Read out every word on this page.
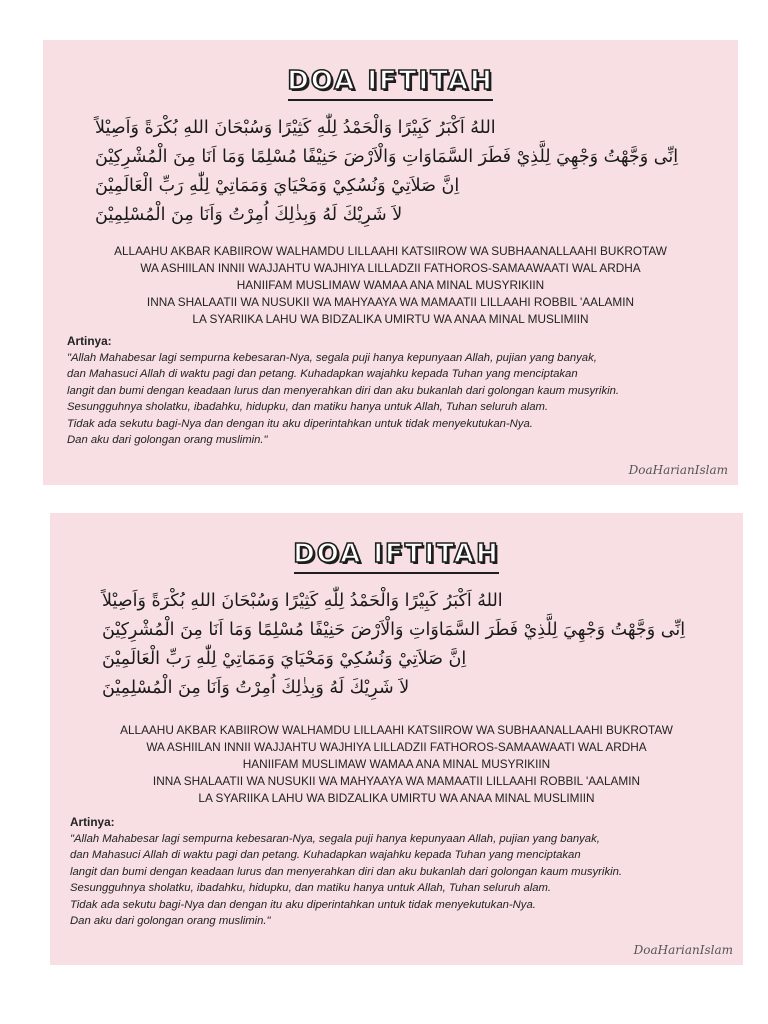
DOA IFTITAH
اللهُ اَكْبَرُ كَبِيْرًا وَالْحَمْدُ لِلّٰهِ كَثِيْرًا وَسُبْحَانَ اللهِ بُكْرَةً وَاَصِيْلاً
اِنِّى وَجَّهْتُ وَجْهِيَ لِلَّذِيْ فَطَرَ السَّمَاوَاتِ وَالْاَرْضَ حَنِيْفًا مُسْلِمًا وَمَا اَنَا مِنَ الْمُشْرِكِيْنَ
اِنَّ صَلاَتِيْ وَنُسُكِيْ وَمَحْيَايَ وَمَمَاتِيْ لِلّٰهِ رَبِّ الْعَالَمِيْنَ
لاَ شَرِيْكَ لَهُ وَبِذٰلِكَ اُمِرْتُ وَاَنَا مِنَ الْمُسْلِمِيْنَ
ALLAAHU AKBAR KABIIROW WALHAMDU LILLAAHI KATSIIROW WA SUBHAANALLAAHI BUKROTAW
WA ASHIILAN INNII WAJJAHTU WAJHIYA LILLADZII FATHOROS-SAMAAWAATI WAL ARDHA
HANIIFAM MUSLIMAW WAMAA ANA MINAL MUSYRIKIIN
INNA SHALAATII WA NUSUKII WA MAHYAAYA WA MAMAATII LILLAAHI ROBBIL 'AALAMIN
LA SYARIIKA LAHU WA BIDZALIKA UMIRTU WA ANAA MINAL MUSLIMIIN
Artinya:
"Allah Mahabesar lagi sempurna kebesaran-Nya, segala puji hanya kepunyaan Allah, pujian yang banyak,
dan Mahasuci Allah di waktu pagi dan petang. Kuhadapkan wajahku kepada Tuhan yang menciptakan
langit dan bumi dengan keadaan lurus dan menyerahkan diri dan aku bukanlah dari golongan kaum musyrikin.
Sesungguhnya sholatku, ibadahku, hidupku, dan matiku hanya untuk Allah, Tuhan seluruh alam.
Tidak ada sekutu bagi-Nya dan dengan itu aku diperintahkan untuk tidak menyekutukan-Nya.
Dan aku dari golongan orang muslimin."
DoaHarianIslam
DOA IFTITAH
اللهُ اَكْبَرُ كَبِيْرًا وَالْحَمْدُ لِلّٰهِ كَثِيْرًا وَسُبْحَانَ اللهِ بُكْرَةً وَاَصِيْلاً
اِنِّى وَجَّهْتُ وَجْهِيَ لِلَّذِيْ فَطَرَ السَّمَاوَاتِ وَالْاَرْضَ حَنِيْفًا مُسْلِمًا وَمَا اَنَا مِنَ الْمُشْرِكِيْنَ
اِنَّ صَلاَتِيْ وَنُسُكِيْ وَمَحْيَايَ وَمَمَاتِيْ لِلّٰهِ رَبِّ الْعَالَمِيْنَ
لاَ شَرِيْكَ لَهُ وَبِذٰلِكَ اُمِرْتُ وَاَنَا مِنَ الْمُسْلِمِيْنَ
ALLAAHU AKBAR KABIIROW WALHAMDU LILLAAHI KATSIIROW WA SUBHAANALLAAHI BUKROTAW
WA ASHIILAN INNII WAJJAHTU WAJHIYA LILLADZII FATHOROS-SAMAAWAATI WAL ARDHA
HANIIFAM MUSLIMAW WAMAA ANA MINAL MUSYRIKIIN
INNA SHALAATII WA NUSUKII WA MAHYAAYA WA MAMAATII LILLAAHI ROBBIL 'AALAMIN
LA SYARIIKA LAHU WA BIDZALIKA UMIRTU WA ANAA MINAL MUSLIMIIN
Artinya:
"Allah Mahabesar lagi sempurna kebesaran-Nya, segala puji hanya kepunyaan Allah, pujian yang banyak,
dan Mahasuci Allah di waktu pagi dan petang. Kuhadapkan wajahku kepada Tuhan yang menciptakan
langit dan bumi dengan keadaan lurus dan menyerahkan diri dan aku bukanlah dari golongan kaum musyrikin.
Sesungguhnya sholatku, ibadahku, hidupku, dan matiku hanya untuk Allah, Tuhan seluruh alam.
Tidak ada sekutu bagi-Nya dan dengan itu aku diperintahkan untuk tidak menyekutukan-Nya.
Dan aku dari golongan orang muslimin."
DoaHarianIslam
